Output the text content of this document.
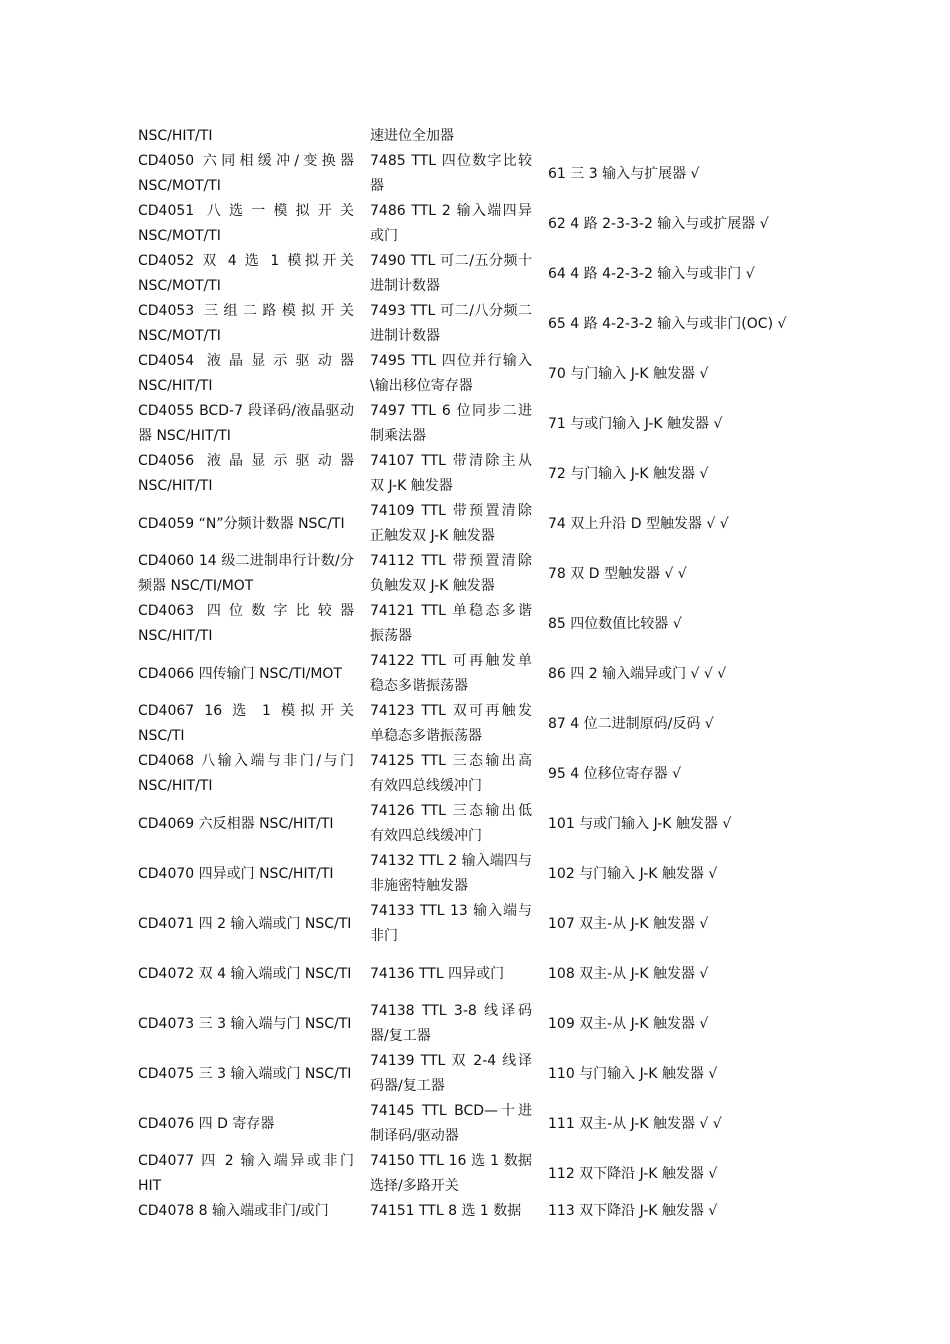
NSC/HIT/TI	速进位全加器	
CD4050 六同相缓冲/变换器 NSC/MOT/TI	7485 TTL 四位数字比较器	61 三 3 输入与扩展器 √
CD4051 八选一模拟开关 NSC/MOT/TI	7486 TTL 2 输入端四异或门	62 4 路 2-3-3-2 输入与或扩展器 √
CD4052 双 4 选 1 模拟开关 NSC/MOT/TI	7490 TTL 可二/五分频十进制计数器	64 4 路 4-2-3-2 输入与或非门 √
CD4053 三组二路模拟开关 NSC/MOT/TI	7493 TTL 可二/八分频二进制计数器	65 4 路 4-2-3-2 输入与或非门(OC) √
CD4054 液晶显示驱动器 NSC/HIT/TI	7495 TTL 四位并行输入\输出移位寄存器	70 与门输入 J-K 触发器 √
CD4055 BCD-7 段译码/液晶驱动器 NSC/HIT/TI	7497 TTL 6 位同步二进制乘法器	71 与或门输入 J-K 触发器 √
CD4056 液晶显示驱动器 NSC/HIT/TI	74107 TTL 带清除主从双 J-K 触发器	72 与门输入 J-K 触发器 √
CD4059 “N”分频计数器 NSC/TI	74109 TTL 带预置清除正触发双 J-K 触发器	74 双上升沿 D 型触发器 √ √
CD4060 14 级二进制串行计数/分频器 NSC/TI/MOT	74112 TTL 带预置清除负触发双 J-K 触发器	78 双 D 型触发器 √ √
CD4063 四位数字比较器 NSC/HIT/TI	74121 TTL 单稳态多谐振荡器	85 四位数值比较器 √
CD4066 四传输门 NSC/TI/MOT	74122 TTL 可再触发单稳态多谐振荡器	86 四 2 输入端异或门 √ √ √
CD4067 16 选 1 模拟开关 NSC/TI	74123 TTL 双可再触发单稳态多谐振荡器	87 4 位二进制原码/反码 √
CD4068 八输入端与非门/与门 NSC/HIT/TI	74125 TTL 三态输出高有效四总线缓冲门	95 4 位移位寄存器 √
CD4069 六反相器 NSC/HIT/TI	74126 TTL 三态输出低有效四总线缓冲门	101 与或门输入 J-K 触发器 √
CD4070 四异或门 NSC/HIT/TI	74132 TTL 2 输入端四与非施密特触发器	102 与门输入 J-K 触发器 √
CD4071 四 2 输入端或门 NSC/TI	74133 TTL 13 输入端与非门	107 双主-从 J-K 触发器 √
CD4072 双 4 输入端或门 NSC/TI	74136 TTL 四异或门	108 双主-从 J-K 触发器 √
CD4073 三 3 输入端与门 NSC/TI	74138 TTL 3-8 线译码器/复工器	109 双主-从 J-K 触发器 √
CD4075 三 3 输入端或门 NSC/TI	74139 TTL 双 2-4 线译码器/复工器	110 与门输入 J-K 触发器 √
CD4076 四 D 寄存器	74145 TTL BCD—十进制译码/驱动器	111 双主-从 J-K 触发器 √ √
CD4077 四 2 输入端异或非门 HIT	74150 TTL 16 选 1 数据选择/多路开关	112 双下降沿 J-K 触发器 √
CD4078 8 输入端或非门/或门	74151 TTL 8 选 1 数据	113 双下降沿 J-K 触发器 √
